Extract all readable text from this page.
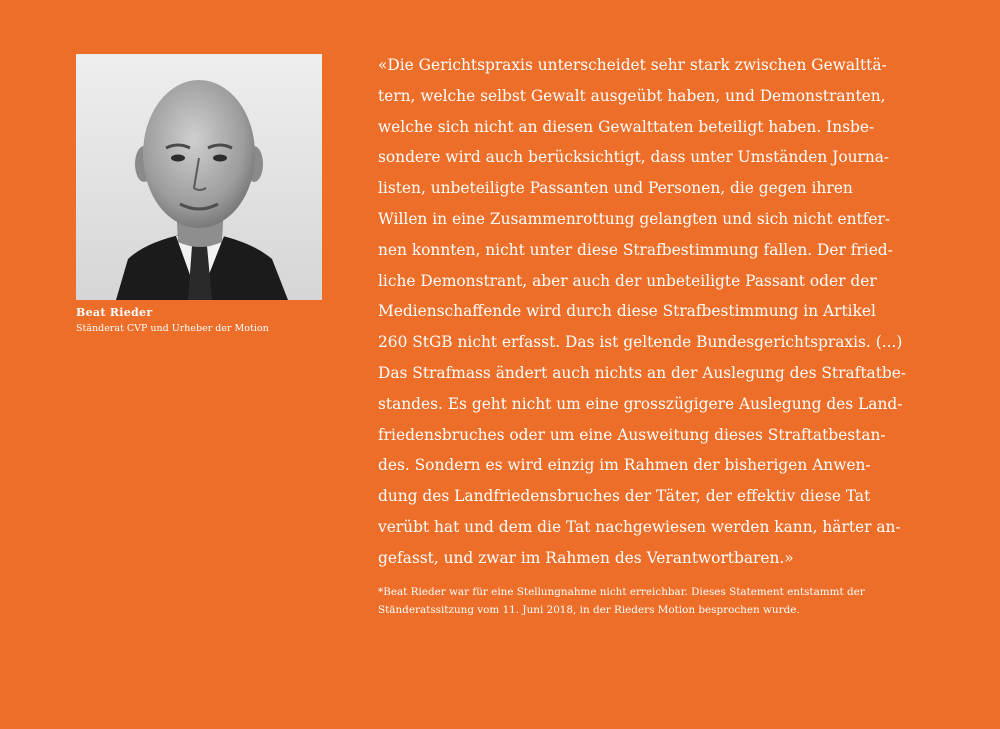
Beat Rieder
Ständerat CVP und Urheber der Motion
«Die Gerichtspraxis unterscheidet sehr stark zwischen Gewalttä-
tern, welche selbst Gewalt ausgeübt haben, und Demonstranten,
welche sich nicht an diesen Gewalttaten beteiligt haben. Insbe-
sondere wird auch berücksichtigt, dass unter Umständen Journa-
listen, unbeteiligte Passanten und Personen, die gegen ihren
Willen in eine Zusammenrottung gelangten und sich nicht entfer-
nen konnten, nicht unter diese Strafbestimmung fallen. Der fried-
liche Demonstrant, aber auch der unbeteiligte Passant oder der
Medienschaffende wird durch diese Strafbestimmung in Artikel
260 StGB nicht erfasst. Das ist geltende Bundesgerichtspraxis. (...)
Das Strafmass ändert auch nichts an der Auslegung des Straftatbe-
standes. Es geht nicht um eine grosszügigere Auslegung des Land-
friedensbruches oder um eine Ausweitung dieses Straftatbestan-
des. Sondern es wird einzig im Rahmen der bisherigen Anwen-
dung des Landfriedensbruches der Täter, der effektiv diese Tat
verübt hat und dem die Tat nachgewiesen werden kann, härter an-
gefasst, und zwar im Rahmen des Verantwortbaren.»
*Beat Rieder war für eine Stellungnahme nicht erreichbar. Dieses Statement entstammt der
Ständeratssitzung vom 11. Juni 2018, in der Rieders Motion besprochen wurde.
